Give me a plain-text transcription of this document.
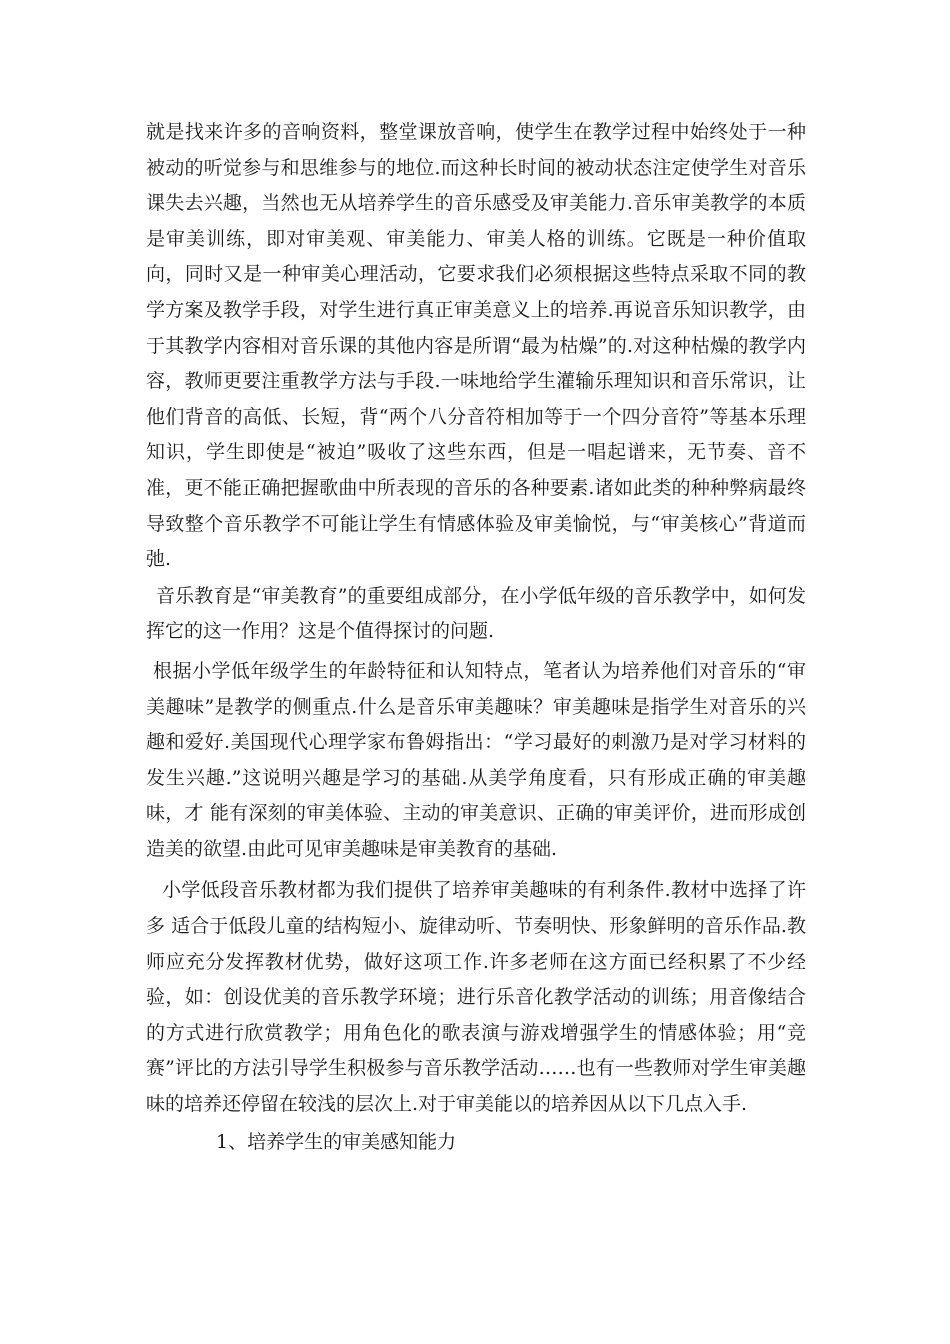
就是找来许多的音响资料，整堂课放音响，使学生在教学过程中始终处于一种被动的听觉参与和思维参与的地位.而这种长时间的被动状态注定使学生对音乐课失去兴趣，当然也无从培养学生的音乐感受及审美能力.音乐审美教学的本质是审美训练，即对审美观、审美能力、审美人格的训练。它既是一种价值取向，同时又是一种审美心理活动，它要求我们必须根据这些特点采取不同的教学方案及教学手段，对学生进行真正审美意义上的培养.再说音乐知识教学，由于其教学内容相对音乐课的其他内容是所谓“最为枯燥”的.对这种枯燥的教学内容，教师更要注重教学方法与手段.一味地给学生灌输乐理知识和音乐常识，让他们背音的高低、长短，背“两个八分音符相加等于一个四分音符”等基本乐理知识，学生即使是“被迫”吸收了这些东西，但是一唱起谱来，无节奏、音不准，更不能正确把握歌曲中所表现的音乐的各种要素.诸如此类的种种弊病最终导致整个音乐教学不可能让学生有情感体验及审美愉悦，与“审美核心”背道而弛.

音乐教育是“审美教育”的重要组成部分，在小学低年级的音乐教学中，如何发挥它的这一作用？这是个值得探讨的问题.

根据小学低年级学生的年龄特征和认知特点，笔者认为培养他们对音乐的“审美趣味”是教学的侧重点.什么是音乐审美趣味？审美趣味是指学生对音乐的兴趣和爱好.美国现代心理学家布鲁姆指出：“学习最好的刺激乃是对学习材料的发生兴趣.”这说明兴趣是学习的基础.从美学角度看，只有形成正确的审美趣味，才 能有深刻的审美体验、主动的审美意识、正确的审美评价，进而形成创造美的欲望.由此可见审美趣味是审美教育的基础.

小学低段音乐教材都为我们提供了培养审美趣味的有利条件.教材中选择了许多 适合于低段儿童的结构短小、旋律动听、节奏明快、形象鲜明的音乐作品.教师应充分发挥教材优势，做好这项工作.许多老师在这方面已经积累了不少经验，如：创设优美的音乐教学环境；进行乐音化教学活动的训练；用音像结合的方式进行欣赏教学；用角色化的歌表演与游戏增强学生的情感体验；用“竞赛”评比的方法引导学生积极参与音乐教学活动……也有一些教师对学生审美趣味的培养还停留在较浅的层次上.对于审美能以的培养因从以下几点入手.

1、培养学生的审美感知能力
